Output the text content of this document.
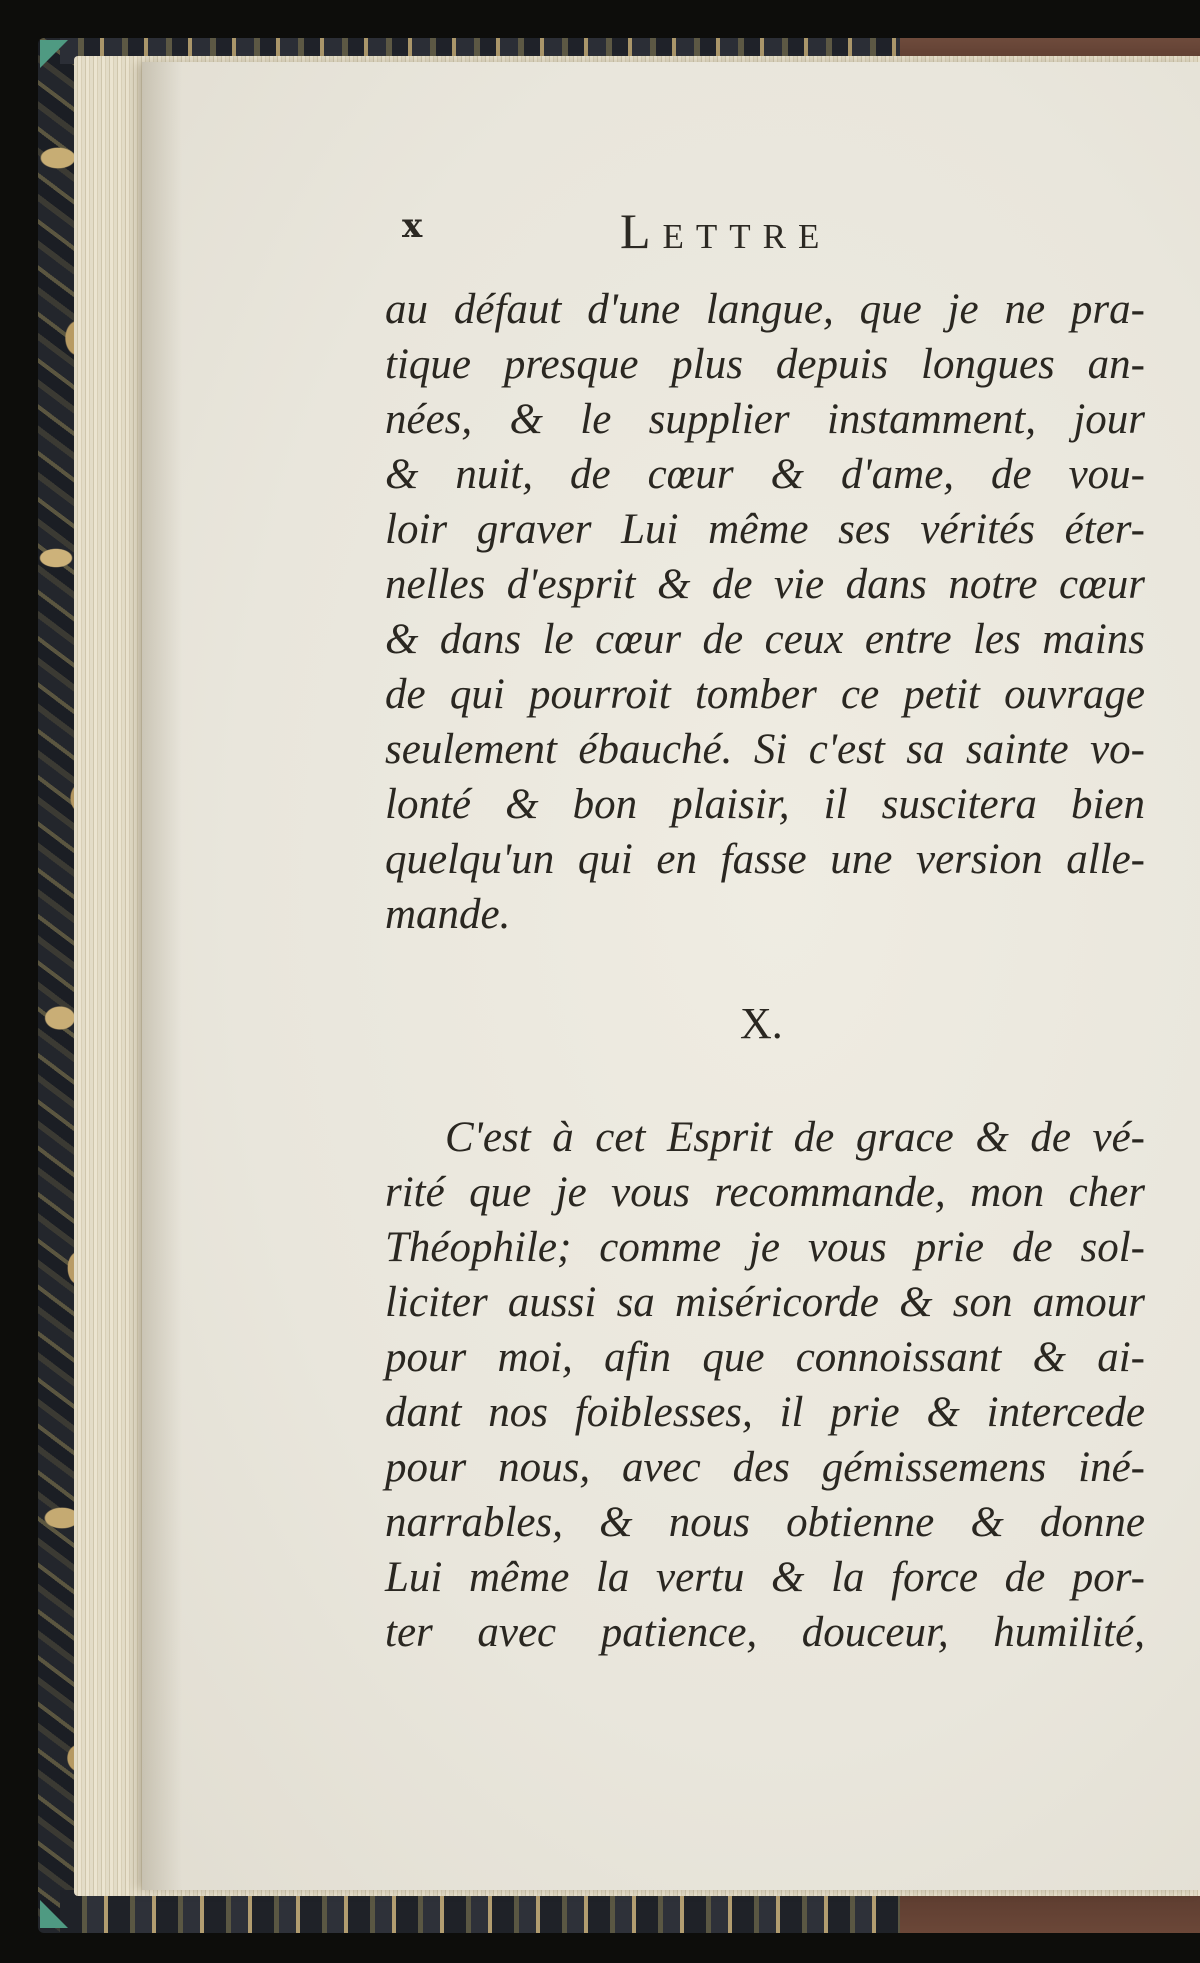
x	Lettre
au défaut d'une langue, que je ne pra-
tique presque plus depuis longues an-
nées, & le supplier instamment, jour
& nuit, de cœur & d'ame, de vou-
loir graver Lui même ses vérités éter-
nelles d'esprit & de vie dans notre cœur
& dans le cœur de ceux entre les mains
de qui pourroit tomber ce petit ouvrage
seulement ébauché. Si c'est sa sainte vo-
lonté & bon plaisir, il suscitera bien
quelqu'un qui en fasse une version alle-
mande.
X.
C'est à cet Esprit de grace & de vé-
rité que je vous recommande, mon cher
Théophile; comme je vous prie de sol-
liciter aussi sa miséricorde & son amour
pour moi, afin que connoissant & ai-
dant nos foiblesses, il prie & intercede
pour nous, avec des gémissemens iné-
narrables, & nous obtienne & donne
Lui même la vertu & la force de por-
ter avec patience, douceur, humilité,
